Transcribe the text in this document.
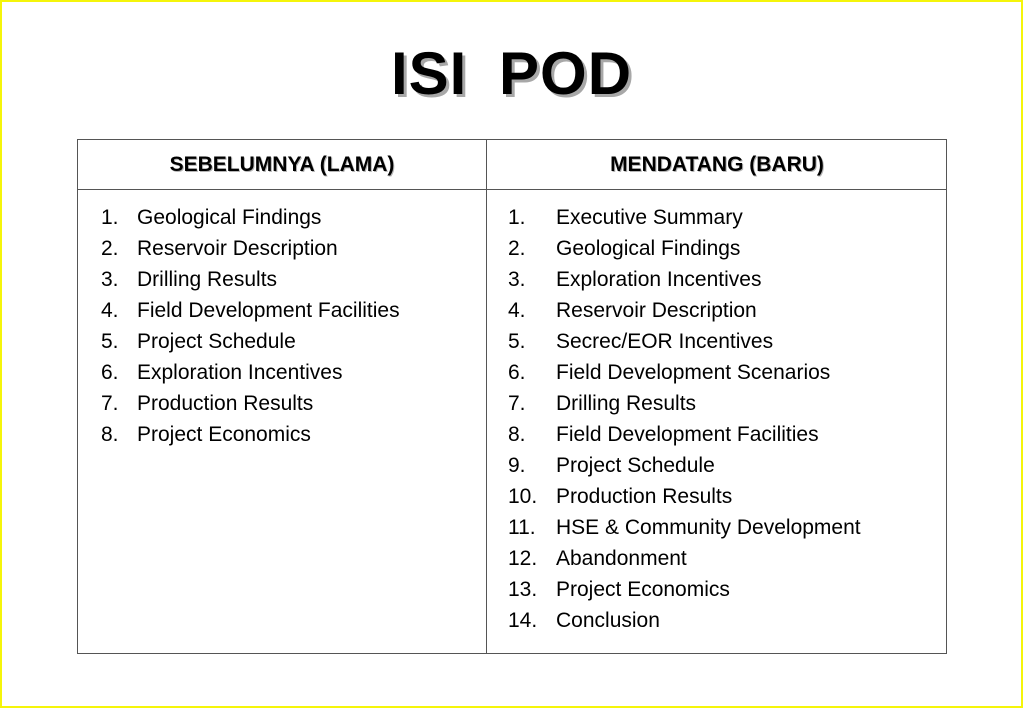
ISI POD
SEBELUMNYA (LAMA)	MENDATANG (BARU)
1. Geological Findings
2. Reservoir Description
3. Drilling Results
4. Field Development Facilities
5. Project Schedule
6. Exploration Incentives
7. Production Results
8. Project Economics
1. Executive Summary
2. Geological Findings
3. Exploration Incentives
4. Reservoir Description
5. Secrec/EOR Incentives
6. Field Development Scenarios
7. Drilling Results
8. Field Development Facilities
9. Project Schedule
10. Production Results
11. HSE & Community Development
12. Abandonment
13. Project Economics
14. Conclusion
